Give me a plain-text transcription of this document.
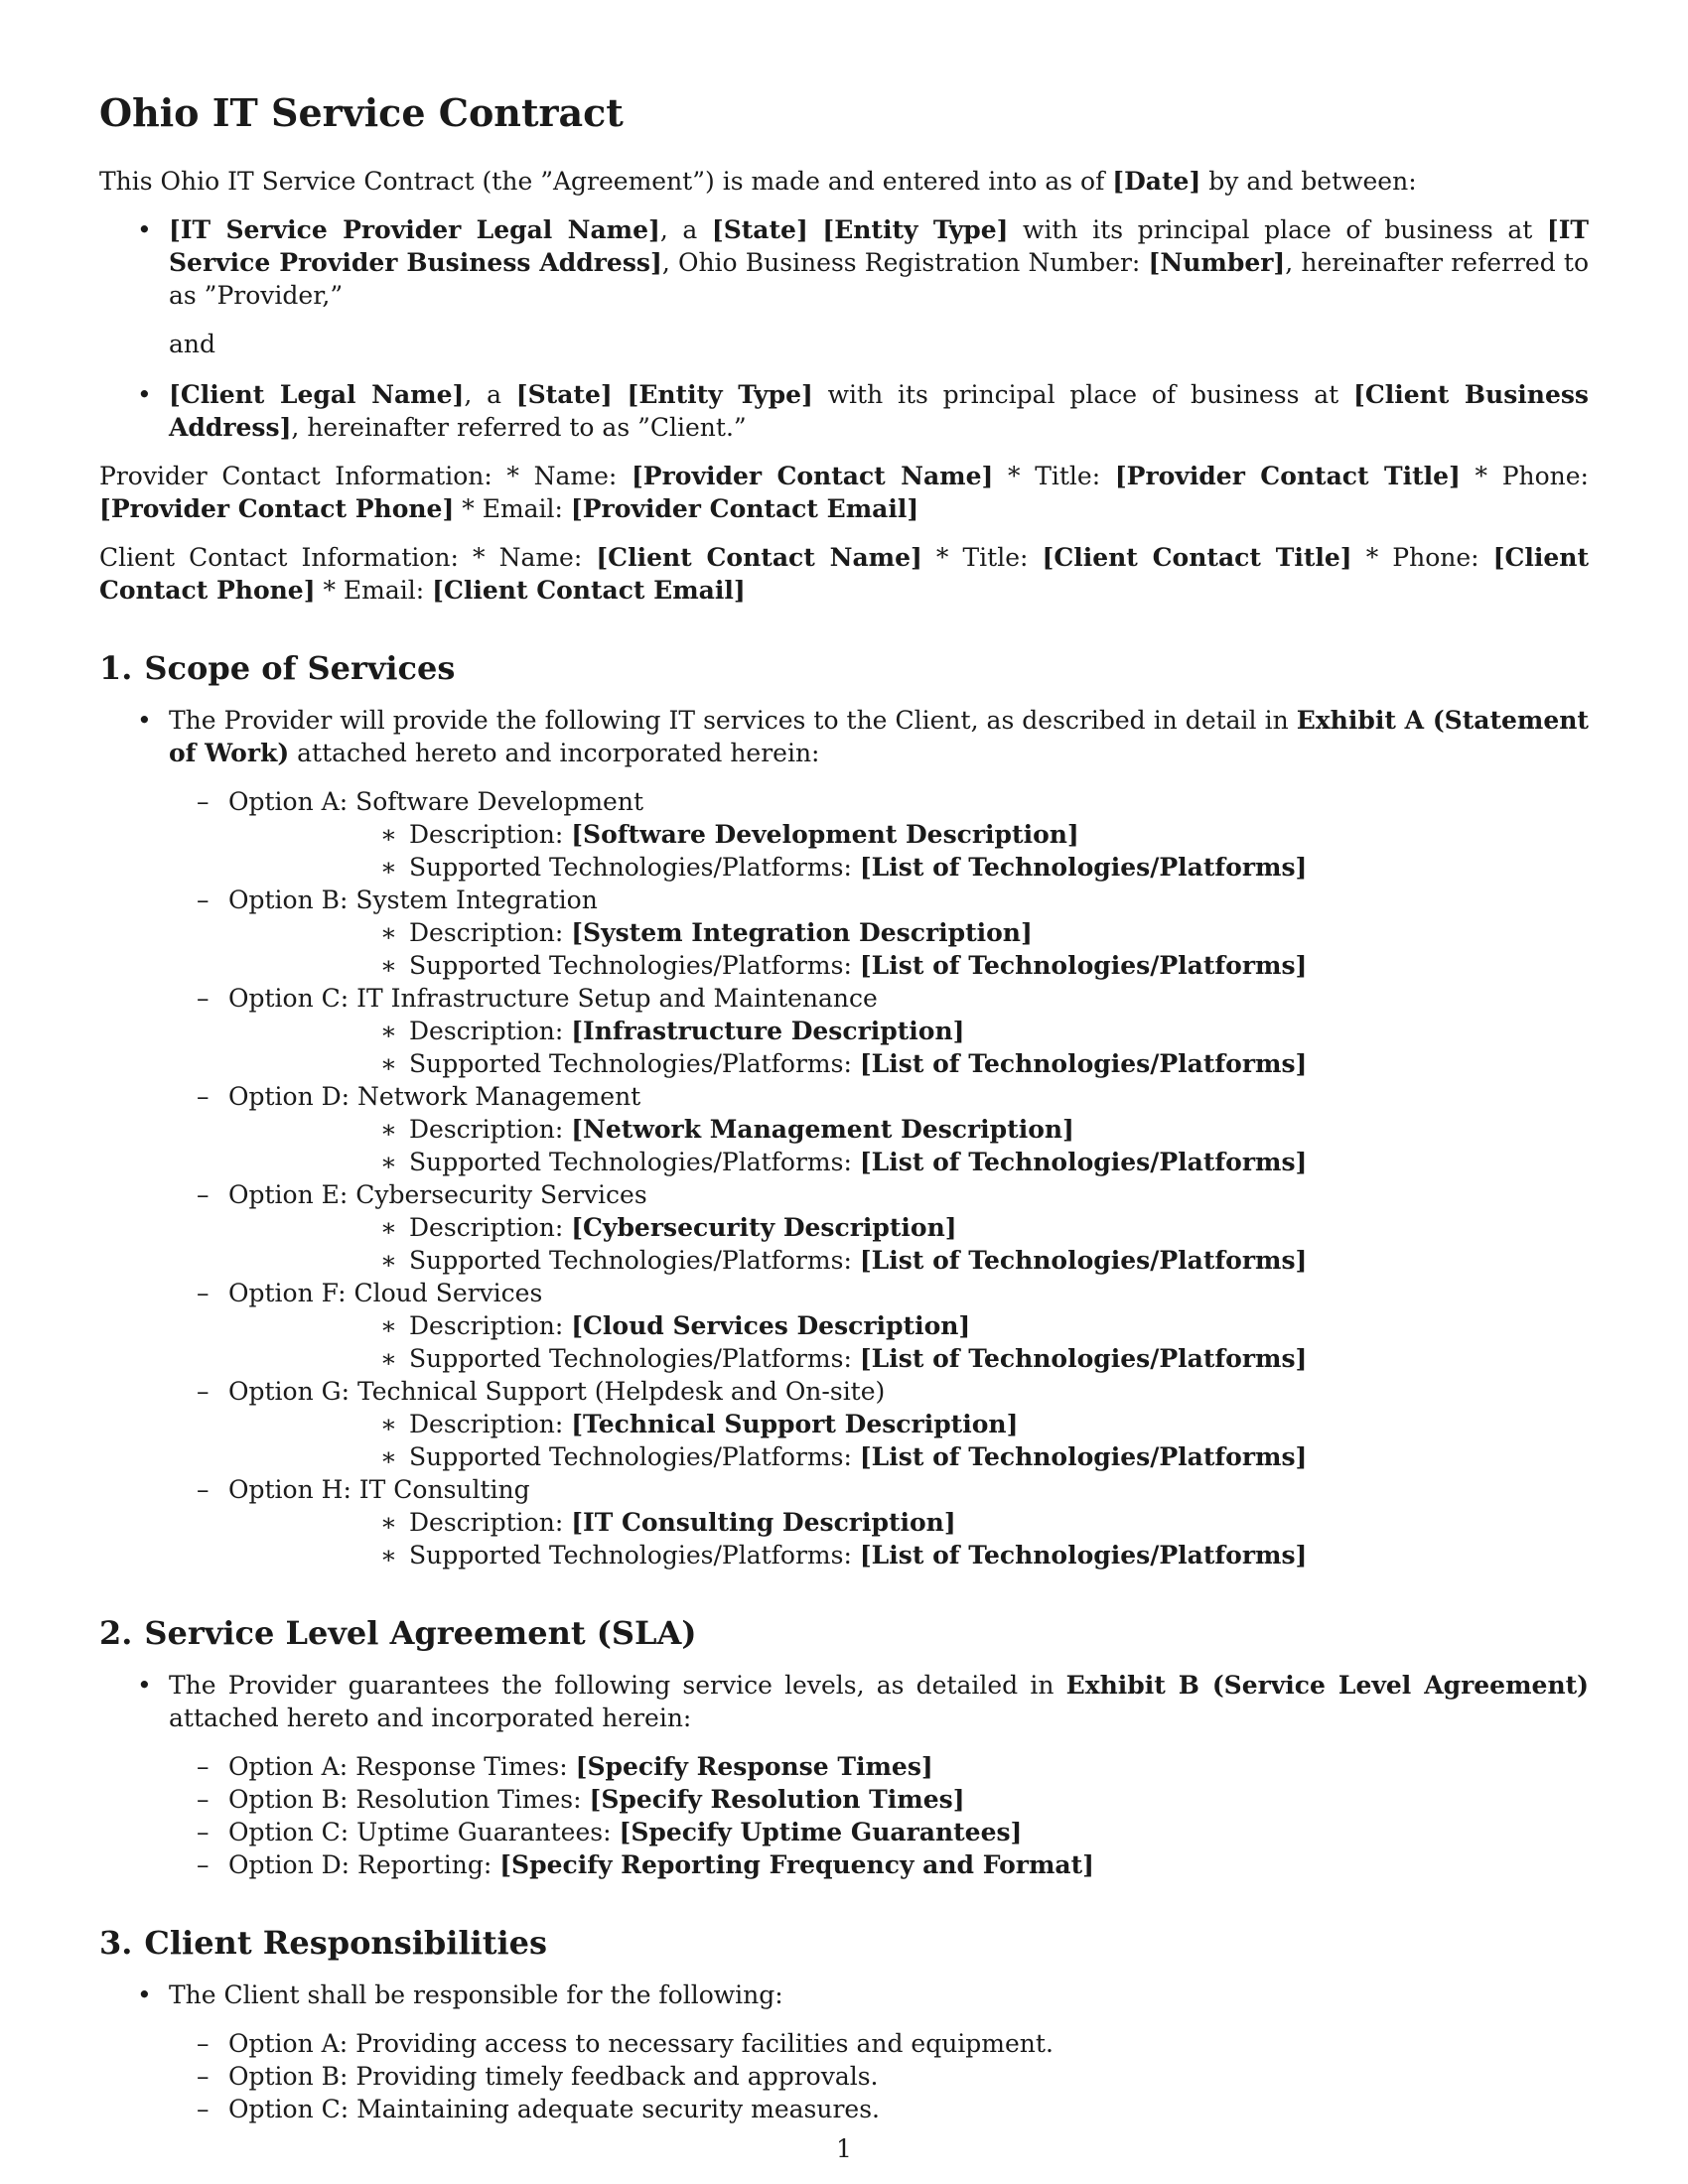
Ohio IT Service Contract

This Ohio IT Service Contract (the ”Agreement”) is made and entered into as of [Date] by and between:

• [IT Service Provider Legal Name], a [State] [Entity Type] with its principal place of business at [IT Service Provider Business Address], Ohio Business Registration Number: [Number], hereinafter referred to as ”Provider,”
and
• [Client Legal Name], a [State] [Entity Type] with its principal place of business at [Client Business Address], hereinafter referred to as ”Client.”

Provider Contact Information: * Name: [Provider Contact Name] * Title: [Provider Contact Title] * Phone: [Provider Contact Phone] * Email: [Provider Contact Email]

Client Contact Information: * Name: [Client Contact Name] * Title: [Client Contact Title] * Phone: [Client Contact Phone] * Email: [Client Contact Email]

1. Scope of Services
• The Provider will provide the following IT services to the Client, as described in detail in Exhibit A (Statement of Work) attached hereto and incorporated herein:
– Option A: Software Development
∗ Description: [Software Development Description]
∗ Supported Technologies/Platforms: [List of Technologies/Platforms]
– Option B: System Integration
∗ Description: [System Integration Description]
∗ Supported Technologies/Platforms: [List of Technologies/Platforms]
– Option C: IT Infrastructure Setup and Maintenance
∗ Description: [Infrastructure Description]
∗ Supported Technologies/Platforms: [List of Technologies/Platforms]
– Option D: Network Management
∗ Description: [Network Management Description]
∗ Supported Technologies/Platforms: [List of Technologies/Platforms]
– Option E: Cybersecurity Services
∗ Description: [Cybersecurity Description]
∗ Supported Technologies/Platforms: [List of Technologies/Platforms]
– Option F: Cloud Services
∗ Description: [Cloud Services Description]
∗ Supported Technologies/Platforms: [List of Technologies/Platforms]
– Option G: Technical Support (Helpdesk and On-site)
∗ Description: [Technical Support Description]
∗ Supported Technologies/Platforms: [List of Technologies/Platforms]
– Option H: IT Consulting
∗ Description: [IT Consulting Description]
∗ Supported Technologies/Platforms: [List of Technologies/Platforms]
2. Service Level Agreement (SLA)
• The Provider guarantees the following service levels, as detailed in Exhibit B (Service Level Agreement) attached hereto and incorporated herein:
– Option A: Response Times: [Specify Response Times]
– Option B: Resolution Times: [Specify Resolution Times]
– Option C: Uptime Guarantees: [Specify Uptime Guarantees]
– Option D: Reporting: [Specify Reporting Frequency and Format]
3. Client Responsibilities
• The Client shall be responsible for the following:
– Option A: Providing access to necessary facilities and equipment.
– Option B: Providing timely feedback and approvals.
– Option C: Maintaining adequate security measures.
1
